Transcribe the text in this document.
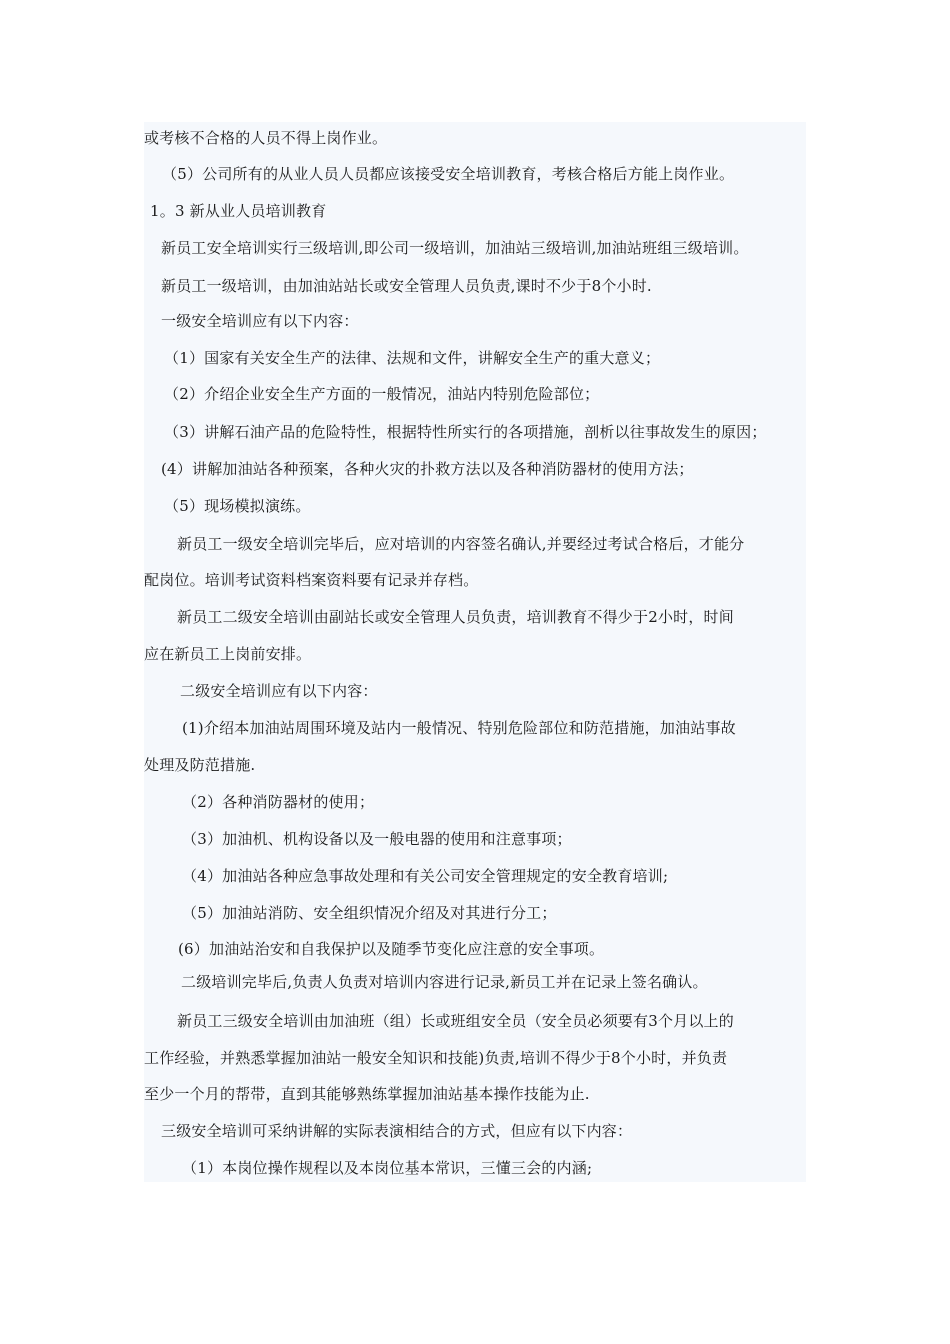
或考核不合格的人员不得上岗作业。
（5）公司所有的从业人员人员都应该接受安全培训教育，考核合格后方能上岗作业。
1。3 新从业人员培训教育
新员工安全培训实行三级培训,即公司一级培训，加油站三级培训,加油站班组三级培训。
新员工一级培训，由加油站站长或安全管理人员负责,课时不少于8个小时.
一级安全培训应有以下内容：
（1）国家有关安全生产的法律、法规和文件，讲解安全生产的重大意义；
（2）介绍企业安全生产方面的一般情况，油站内特别危险部位；
（3）讲解石油产品的危险特性，根据特性所实行的各项措施，剖析以往事故发生的原因；
(4）讲解加油站各种预案，各种火灾的扑救方法以及各种消防器材的使用方法；
（5）现场模拟演练。
新员工一级安全培训完毕后，应对培训的内容签名确认,并要经过考试合格后，才能分
配岗位。培训考试资料档案资料要有记录并存档。
新员工二级安全培训由副站长或安全管理人员负责，培训教育不得少于2小时，时间
应在新员工上岗前安排。
二级安全培训应有以下内容：
(1)介绍本加油站周围环境及站内一般情况、特别危险部位和防范措施，加油站事故
处理及防范措施.
（2）各种消防器材的使用；
（3）加油机、机构设备以及一般电器的使用和注意事项；
（4）加油站各种应急事故处理和有关公司安全管理规定的安全教育培训;
（5）加油站消防、安全组织情况介绍及对其进行分工；
(6）加油站治安和自我保护以及随季节变化应注意的安全事项。
二级培训完毕后,负责人负责对培训内容进行记录,新员工并在记录上签名确认。
新员工三级安全培训由加油班（组）长或班组安全员（安全员必须要有3个月以上的
工作经验，并熟悉掌握加油站一般安全知识和技能)负责,培训不得少于8个小时，并负责
至少一个月的帮带，直到其能够熟练掌握加油站基本操作技能为止.
三级安全培训可采纳讲解的实际表演相结合的方式，但应有以下内容：
（1）本岗位操作规程以及本岗位基本常识，三懂三会的内涵;
